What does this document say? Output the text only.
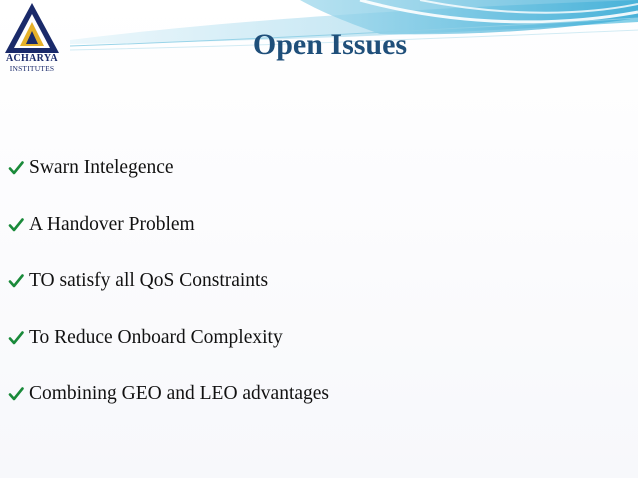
ACHARYA
INSTITUTES
Open Issues
Swarn Intelegence
A Handover Problem
TO satisfy all QoS Constraints
To Reduce Onboard Complexity
Combining GEO and LEO advantages
